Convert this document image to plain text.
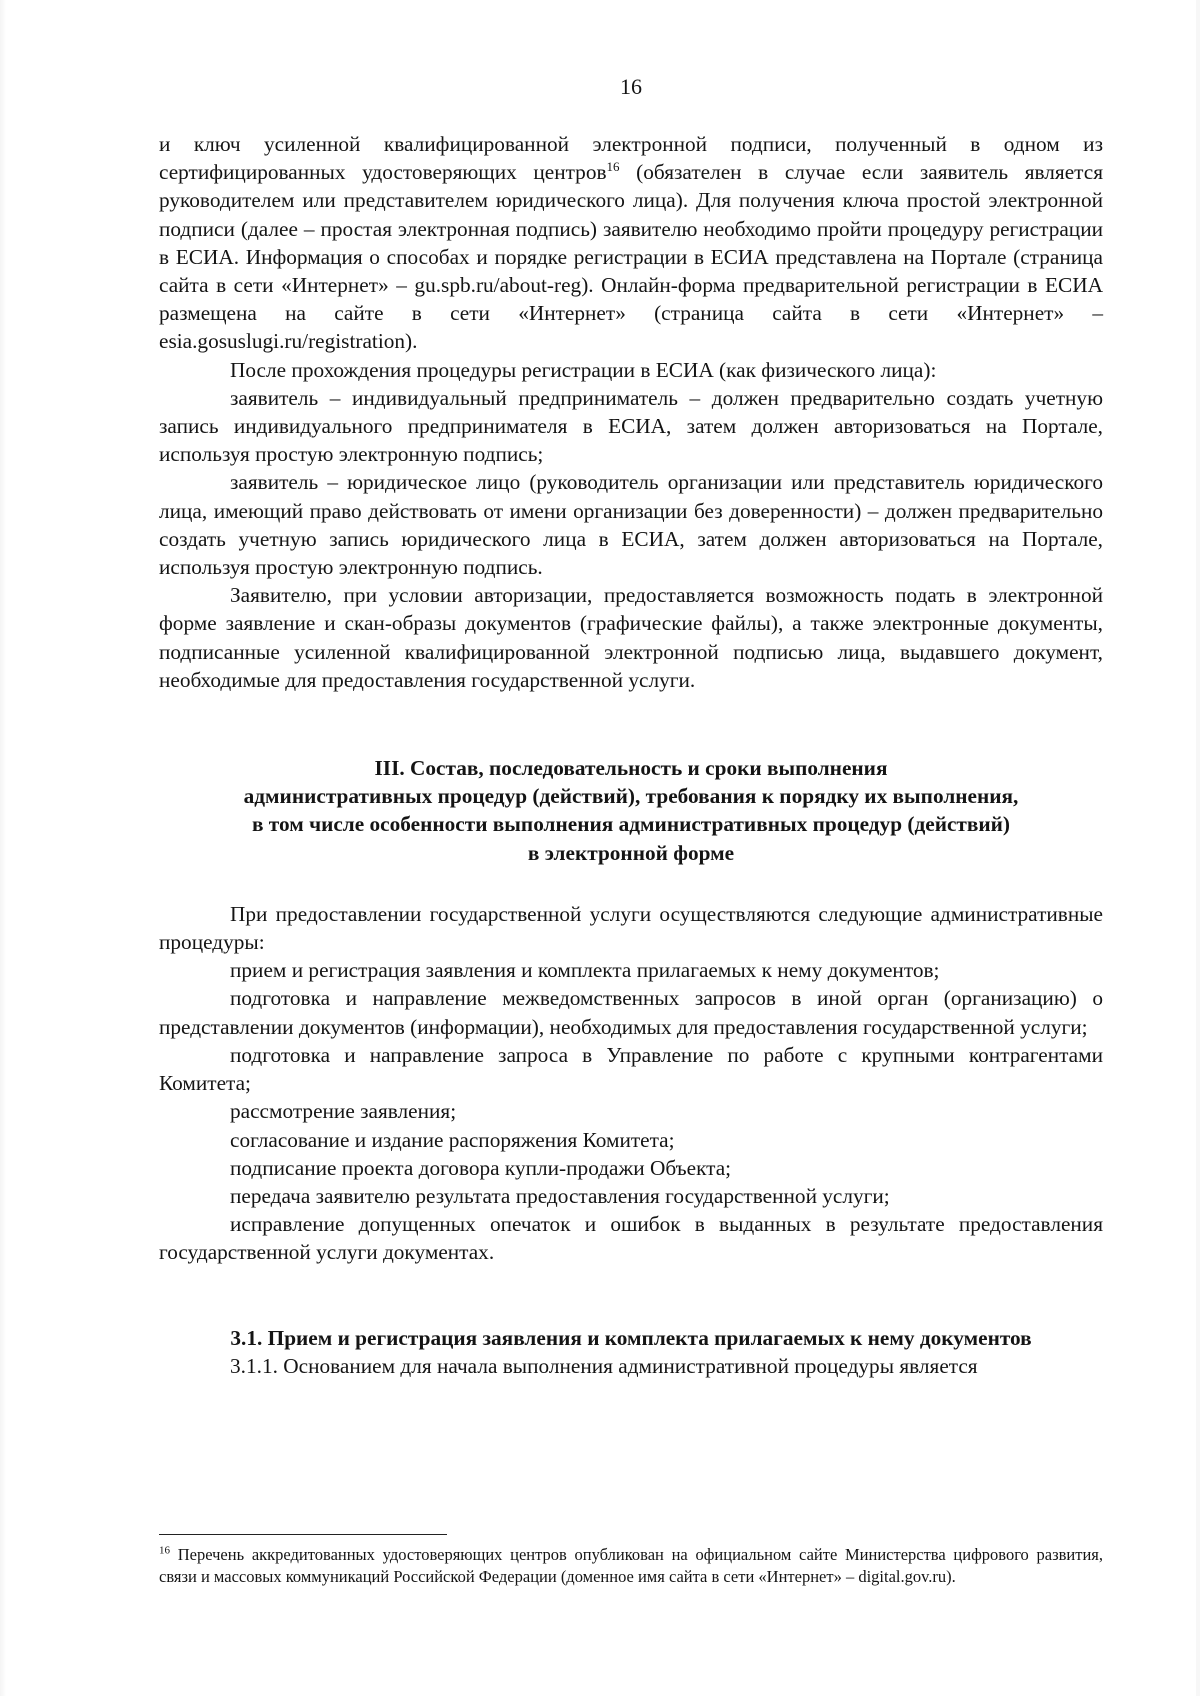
16

и ключ усиленной квалифицированной электронной подписи, полученный в одном из сертифицированных удостоверяющих центров$^{16}$ (обязателен в случае если заявитель является руководителем или представителем юридического лица). Для получения ключа простой электронной подписи (далее – простая электронная подпись) заявителю необходимо пройти процедуру регистрации в ЕСИА. Информация о способах и порядке регистрации в ЕСИА представлена на Портале (страница сайта в сети «Интернет» – gu.spb.ru/about-reg). Онлайн-форма предварительной регистрации в ЕСИА размещена на сайте в сети «Интернет» (страница сайта в сети «Интернет» – esia.gosuslugi.ru/registration).

После прохождения процедуры регистрации в ЕСИА (как физического лица):

заявитель – индивидуальный предприниматель – должен предварительно создать учетную запись индивидуального предпринимателя в ЕСИА, затем должен авторизоваться на Портале, используя простую электронную подпись;

заявитель – юридическое лицо (руководитель организации или представитель юридического лица, имеющий право действовать от имени организации без доверенности) – должен предварительно создать учетную запись юридического лица в ЕСИА, затем должен авторизоваться на Портале, используя простую электронную подпись.

Заявителю, при условии авторизации, предоставляется возможность подать в электронной форме заявление и скан-образы документов (графические файлы), а также электронные документы, подписанные усиленной квалифицированной электронной подписью лица, выдавшего документ, необходимые для предоставления государственной услуги.

III. Состав, последовательность и сроки выполнения
административных процедур (действий), требования к порядку их выполнения,
в том числе особенности выполнения административных процедур (действий)
в электронной форме

При предоставлении государственной услуги осуществляются следующие административные процедуры:

прием и регистрация заявления и комплекта прилагаемых к нему документов;

подготовка и направление межведомственных запросов в иной орган (организацию) о представлении документов (информации), необходимых для предоставления государственной услуги;

подготовка и направление запроса в Управление по работе с крупными контрагентами Комитета;

рассмотрение заявления;

согласование и издание распоряжения Комитета;

подписание проекта договора купли-продажи Объекта;

передача заявителю результата предоставления государственной услуги;

исправление допущенных опечаток и ошибок в выданных в результате предоставления государственной услуги документах.

3.1. Прием и регистрация заявления и комплекта прилагаемых к нему документов

3.1.1. Основанием для начала выполнения административной процедуры является

$^{16}$ Перечень аккредитованных удостоверяющих центров опубликован на официальном сайте Министерства цифрового развития, связи и массовых коммуникаций Российской Федерации (доменное имя сайта в сети «Интернет» – digital.gov.ru).
